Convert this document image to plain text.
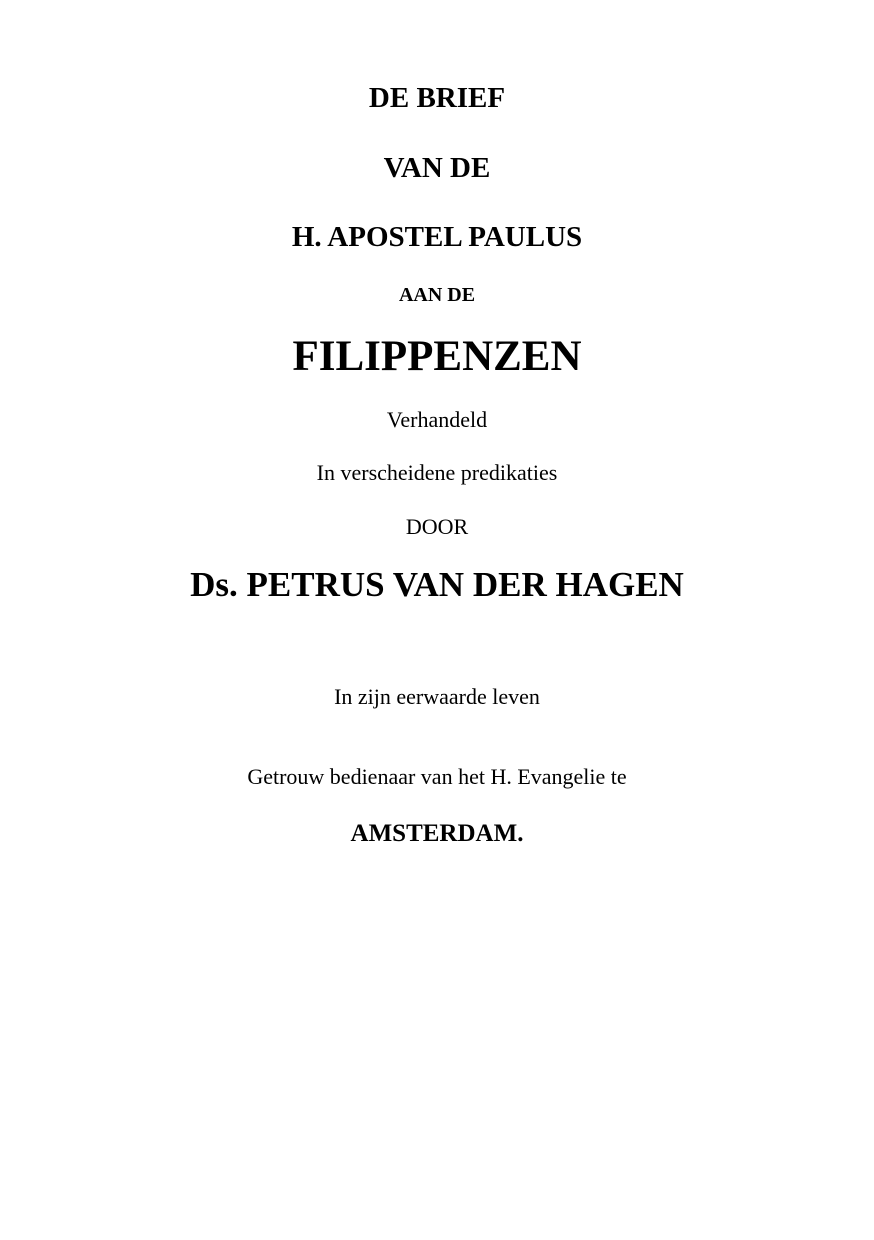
DE BRIEF
VAN DE
H. APOSTEL PAULUS
AAN DE
FILIPPENZEN
Verhandeld
In verscheidene predikaties
DOOR
Ds. PETRUS VAN DER HAGEN
In zijn eerwaarde leven
Getrouw bedienaar van het H. Evangelie te
AMSTERDAM.
